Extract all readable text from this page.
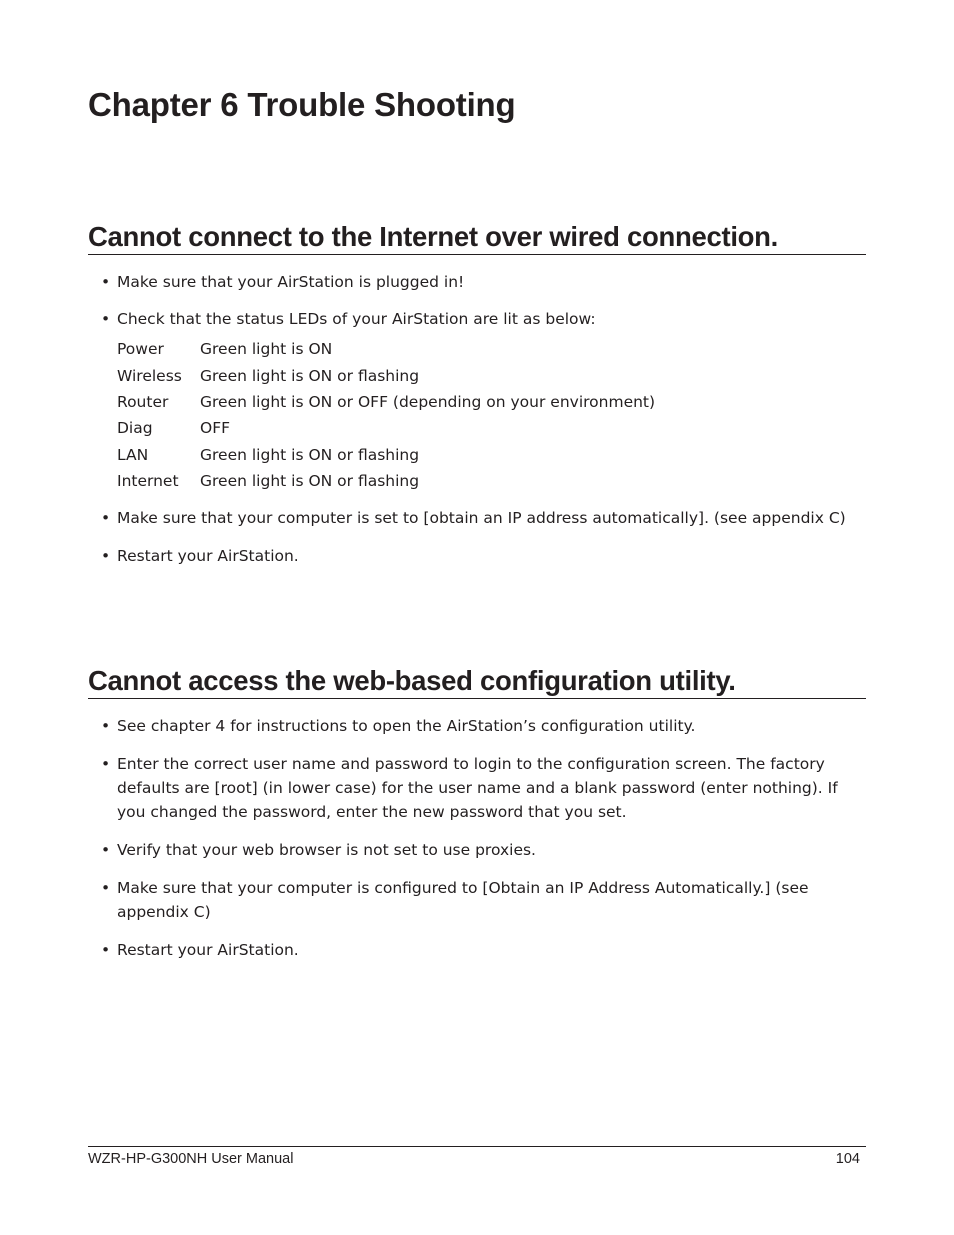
Chapter 6 Trouble Shooting
Cannot connect to the Internet over wired connection.
• Make sure that your AirStation is plugged in!
• Check that the status LEDs of your AirStation are lit as below:
Power	Green light is ON
Wireless	Green light is ON or flashing
Router	Green light is ON or OFF (depending on your environment)
Diag	OFF
LAN	Green light is ON or flashing
Internet	Green light is ON or flashing
• Make sure that your computer is set to [obtain an IP address automatically]. (see appendix C)
• Restart your AirStation.
Cannot access the web-based configuration utility.
• See chapter 4 for instructions to open the AirStation’s configuration utility.
• Enter the correct user name and password to login to the configuration screen. The factory defaults are [root] (in lower case) for the user name and a blank password (enter nothing). If you changed the password, enter the new password that you set.
• Verify that your web browser is not set to use proxies.
• Make sure that your computer is configured to [Obtain an IP Address Automatically.] (see appendix C)
• Restart your AirStation.
WZR-HP-G300NH User Manual	104
